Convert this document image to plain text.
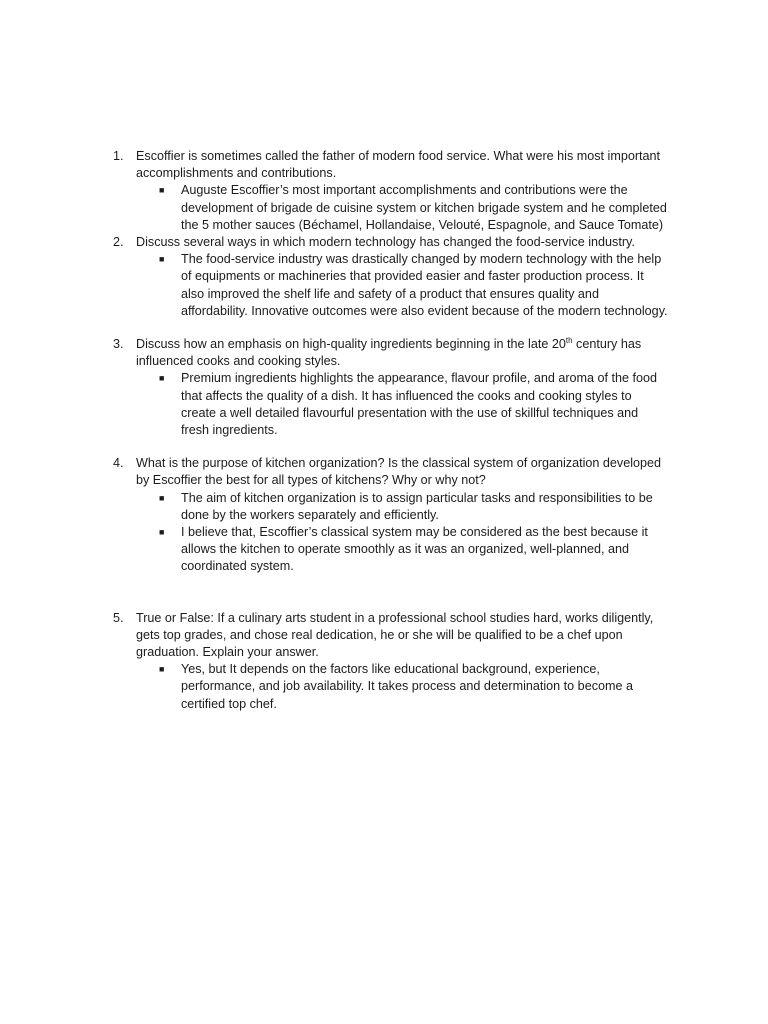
1. Escoffier is sometimes called the father of modern food service. What were his most important accomplishments and contributions.
■ Auguste Escoffier’s most important accomplishments and contributions were the development of brigade de cuisine system or kitchen brigade system and he completed the 5 mother sauces (Béchamel, Hollandaise, Velouté, Espagnole, and Sauce Tomate)
2. Discuss several ways in which modern technology has changed the food-service industry.
■ The food-service industry was drastically changed by modern technology with the help of equipments or machineries that provided easier and faster production process. It also improved the shelf life and safety of a product that ensures quality and affordability. Innovative outcomes were also evident because of the modern technology.
3. Discuss how an emphasis on high-quality ingredients beginning in the late 20th century has influenced cooks and cooking styles.
■ Premium ingredients highlights the appearance, flavour profile, and aroma of the food that affects the quality of a dish. It has influenced the cooks and cooking styles to create a well detailed flavourful presentation with the use of skillful techniques and fresh ingredients.
4. What is the purpose of kitchen organization? Is the classical system of organization developed by Escoffier the best for all types of kitchens? Why or why not?
■ The aim of kitchen organization is to assign particular tasks and responsibilities to be done by the workers separately and efficiently.
■ I believe that, Escoffier’s classical system may be considered as the best because it allows the kitchen to operate smoothly as it was an organized, well-planned, and coordinated system.
5. True or False: If a culinary arts student in a professional school studies hard, works diligently, gets top grades, and chose real dedication, he or she will be qualified to be a chef upon graduation. Explain your answer.
■ Yes, but It depends on the factors like educational background, experience, performance, and job availability. It takes process and determination to become a certified top chef.
